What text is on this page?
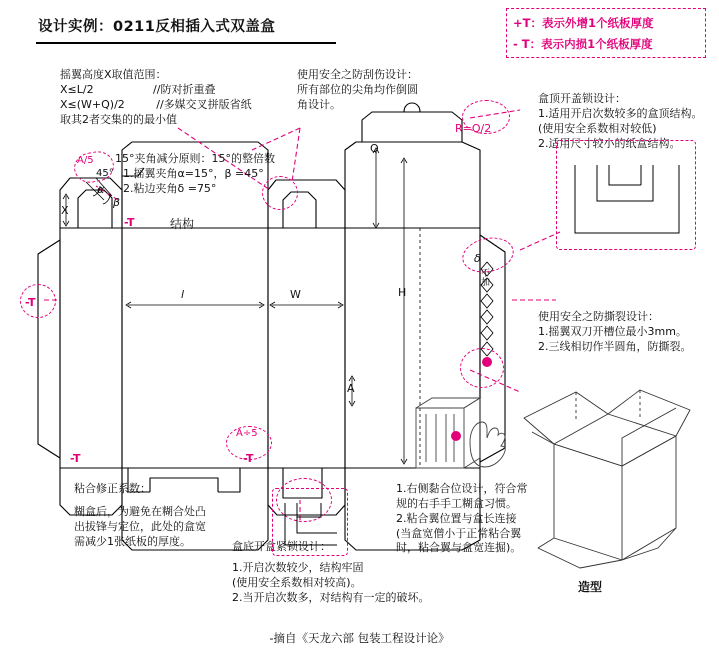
设计实例：0211反相插入式双盖盒	+T：表示外增1个纸板厚度
- T：表示内损1个纸板厚度
摇翼高度X取值范围：
X≤L/2                 //防对折重叠
X≤(W+Q)/2         //多媒交叉拼版省纸
取其2者交集的的最小值
15°夹角减分原则：15°的整倍数
1.摇翼夹角α=15°，β =45°
2.粘边夹角δ =75°
使用安全之防刮伤设计：
所有部位的尖角均作倒圆
角设计。	盒顶开盖锁设计：
1.适用开启次数较多的盒顶结构。
(使用安全系数相对较低)
2.适用尺寸较小的纸盒结构。
使用安全之防撕裂设计：
1.摇翼双刀开槽位最小3mm。
2.三线相切作半圆角，防撕裂。
粘合修正系数：
糊盒后，为避免在糊合处凸
出拔锋与定位，此处的盒宽
需减少1张纸板的厚度。	盒底开盒紧锁设计：
1.开启次数较少，结构牢固
(使用安全系数相对较高)。
2.当开启次数多，对结构有一定的破坏。
1.右侧黏合位设计，符合常
规的右手手工糊盒习惯。
2.粘合翼位置与盒长连接
(当盒宽僧小于正常粘合翼
时，粘合翼与盒宽连掘)。
X
l	W
Q
H
A
-T
-T
-T
-T
A/5
45°
α
β
δ
A÷5
R=Q/2
结构
不加
造型
-摘自《天龙六部 包装工程设计论》
